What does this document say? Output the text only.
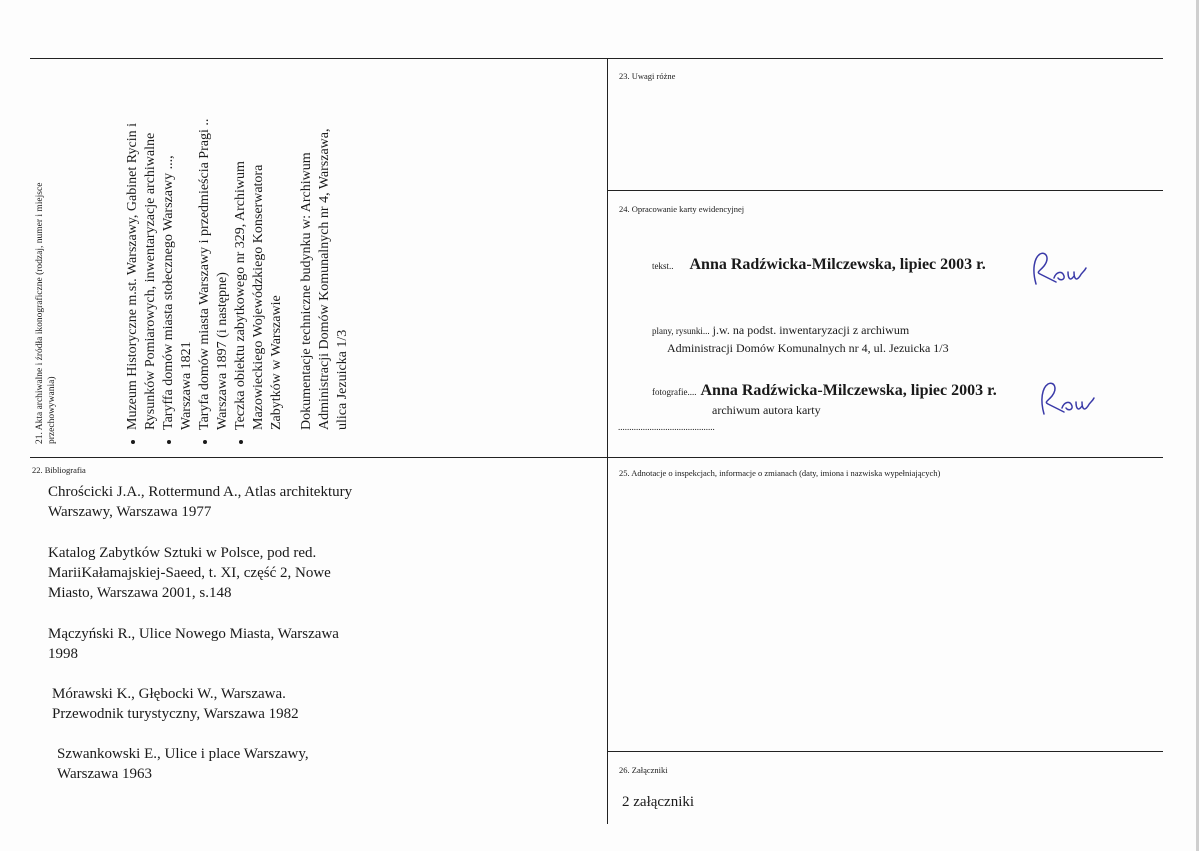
21. Akta archiwalne i źródła ikonograficzne (rodzaj, numer i miejsce przechowywania)	• Muzeum Historyczne m.st. Warszawy, Gabinet Rycin i Rysunków Pomiarowych, inwentaryzacje archiwalne • Taryffa domów miasta stołecznego Warszawy ..., Warszawa 1821 • Taryfa domów miasta Warszawy i przedmieścia Pragi .. Warszawa 1897 (i następne) • Teczka obiektu zabytkowego nr 329, Archiwum Mazowieckiego Wojewódzkiego Konserwatora Zabytków w Warszawie Dokumentacje techniczne budynku w: Archiwum Administracji Domów Komunalnych nr 4, Warszawa, ulica Jezuicka 1/3
22. Bibliografia
Chrościcki J.A., Rottermund A., Atlas architektury
Warszawy, Warszawa 1977
Katalog Zabytków Sztuki w Polsce, pod red.
MariiKałamajskiej-Saeed, t. XI, część 2, Nowe
Miasto, Warszawa 2001, s.148
Mączyński R., Ulice Nowego Miasta, Warszawa
1998
Mórawski K., Głębocki W., Warszawa.
Przewodnik turystyczny, Warszawa 1982
Szwankowski E., Ulice i place Warszawy,
Warszawa 1963
23. Uwagi różne
24. Opracowanie karty ewidencyjnej
tekst.. Anna Radźwicka-Milczewska, lipiec 2003 r.
plany, rysunki... j.w. na podst. inwentaryzacji z archiwum
Administracji Domów Komunalnych nr 4, ul. Jezuicka 1/3
fotografie.... Anna Radźwicka-Milczewska, lipiec 2003 r.
archiwum autora karty
...........................................
25. Adnotacje o inspekcjach, informacje o zmianach (daty, imiona i nazwiska wypełniających)
26. Załączniki
2 załączniki
